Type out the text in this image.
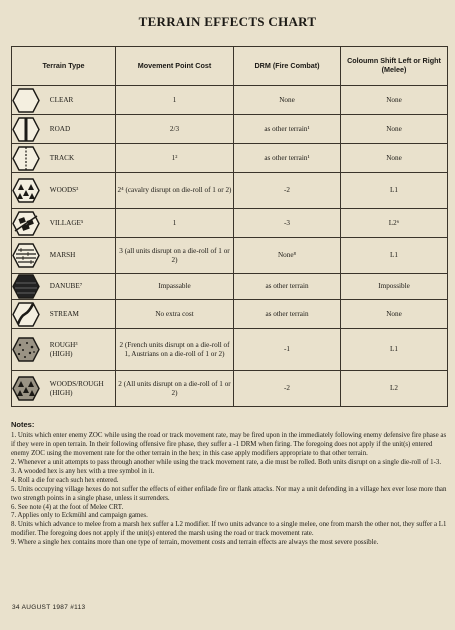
TERRAIN EFFECTS CHART
Terrain Type	Movement Point Cost	DRM (Fire Combat)	Coloumn Shift Left or Right (Melee)
CLEAR	1	None	None
ROAD	2/3	as other terrain¹	None
TRACK	1²	as other terrain¹	None
WOODS³	2⁴ (cavalry disrupt on die-roll of 1 or 2)	-2	L1
VILLAGE⁵	1	-3	L2⁶
MARSH	3 (all units disrupt on a die-roll of 1 or 2)	None⁸	L1
DANUBE⁷	Impassable	as other terrain	Impossible
STREAM	No extra cost	as other terrain	None
ROUGH³ (HIGH)	2 (French units disrupt on a die-roll of 1, Austrians on a die-roll of 1 or 2)	-1	L1
WOODS/ROUGH (HIGH)	2 (All units disrupt on a die-roll of 1 or 2)	-2	L2
Notes:

1. Units which enter enemy ZOC while using the road or track movement rate, may be fired upon in the immediately following enemy defensive fire phase as if they were in open terrain. In their following offensive fire phase, they suffer a -1 DRM when firing. The foregoing does not apply if the unit(s) entered enemy ZOC using the movement rate for the other terrain in the hex; in this case apply modifiers appropriate to that other terrain.

2. Whenever a unit attempts to pass through another while using the track movement rate, a die must be rolled. Both units disrupt on a single die-roll of 1-3.

3. A wooded hex is any hex with a tree symbol in it.

4. Roll a die for each such hex entered.

5. Units occupying village hexes do not suffer the effects of either enfilade fire or flank attacks. Nor may a unit defending in a village hex ever lose more than two strength points in a single phase, unless it surrenders.

6. See note (4) at the foot of Melee CRT.

7. Applies only to Eckmühl and campaign games.

8. Units which advance to melee from a marsh hex suffer a L2 modifier. If two units advance to a single melee, one from marsh the other not, they suffer a L1 modifier. The foregoing does not apply if the unit(s) entered the marsh using the road or track movement rate.

9. Where a single hex contains more than one type of terrain, movement costs and terrain effects are always the most severe possible.

34 AUGUST 1987 #113
